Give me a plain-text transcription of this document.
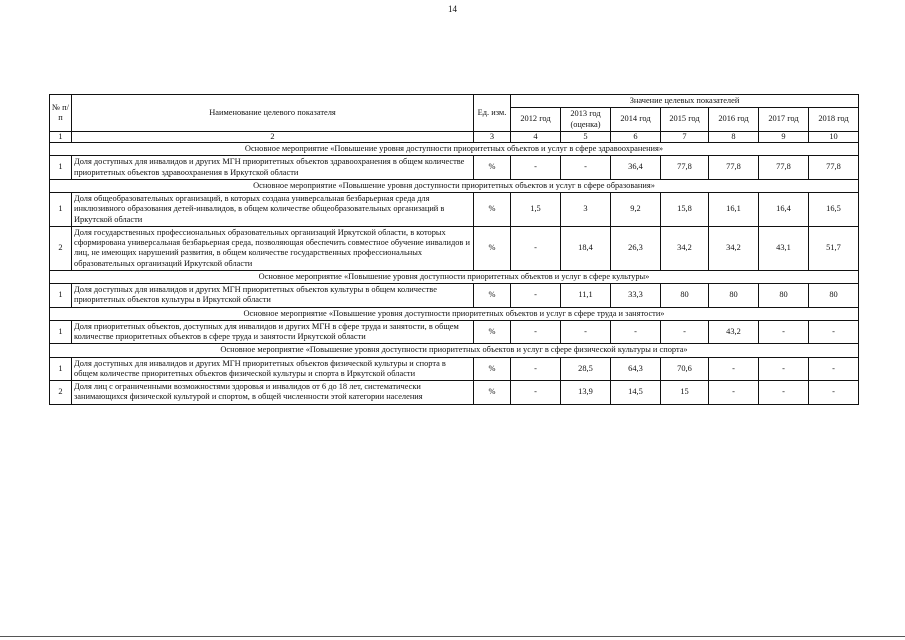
14
№ п/п	Наименование целевого показателя	Ед. изм.	Значение целевых показателей						
			2012 год	2013 год (оценка)	2014 год	2015 год	2016 год	2017 год	2018 год
1	2	3	4	5	6	7	8	9	10
Основное мероприятие «Повышение уровня доступности приоритетных объектов и услуг в сфере здравоохранения»									
1	Доля доступных для инвалидов и других МГН приоритетных объектов здравоохранения в общем количестве приоритетных объектов здравоохранения в Иркутской области	%	-	-	36,4	77,8	77,8	77,8	77,8
Основное мероприятие «Повышение уровня доступности приоритетных объектов и услуг в сфере образования»									
1	Доля общеобразовательных организаций, в которых создана универсальная безбарьерная среда для инклюзивного образования детей-инвалидов, в общем количестве общеобразовательных организаций в Иркутской области	%	1,5	3	9,2	15,8	16,1	16,4	16,5
2	Доля государственных профессиональных образовательных организаций Иркутской области, в которых сформирована универсальная безбарьерная среда, позволяющая обеспечить совместное обучение инвалидов и лиц, не имеющих нарушений развития, в общем количестве государственных профессиональных образовательных организаций Иркутской области	%	-	18,4	26,3	34,2	34,2	43,1	51,7
Основное мероприятие «Повышение уровня доступности приоритетных объектов и услуг в сфере культуры»									
1	Доля доступных для инвалидов и других МГН приоритетных объектов культуры в общем количестве приоритетных объектов культуры в Иркутской области	%	-	11,1	33,3	80	80	80	80
Основное мероприятие «Повышение уровня доступности приоритетных объектов и услуг в сфере труда и занятости»									
1	Доля приоритетных объектов, доступных для инвалидов и других МГН в сфере труда и занятости, в общем количестве приоритетных объектов в сфере труда и занятости Иркутской области	%	-	-	-	-	43,2	-	-
Основное мероприятие «Повышение уровня доступности приоритетных объектов и услуг в сфере физической культуры и спорта»									
1	Доля доступных для инвалидов и других МГН приоритетных объектов физической культуры и спорта в общем количестве приоритетных объектов физической культуры и спорта в Иркутской области	%	-	28,5	64,3	70,6	-	-	-
2	Доля лиц с ограниченными возможностями здоровья и инвалидов от 6 до 18 лет, систематически занимающихся физической культурой и спортом, в общей численности этой категории населения	%	-	13,9	14,5	15	-	-	-
